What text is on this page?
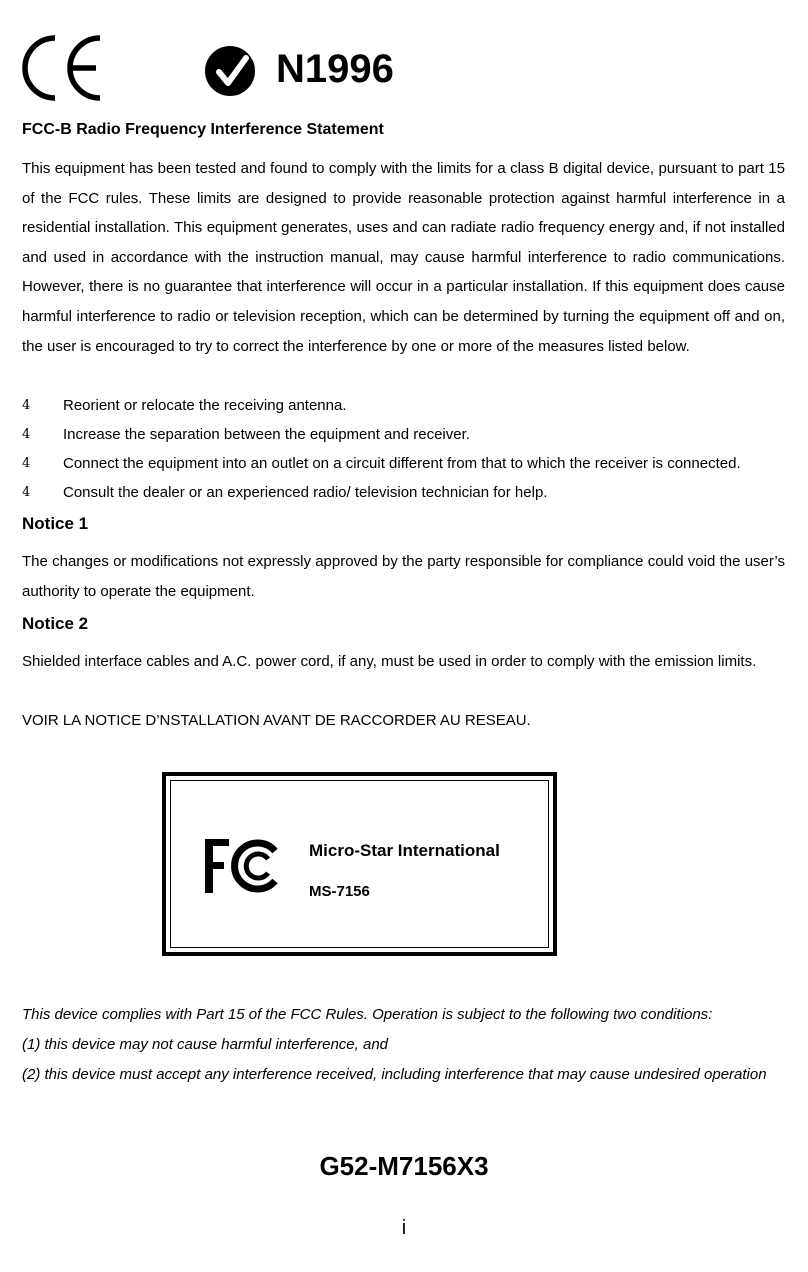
N1996
FCC-B Radio Frequency Interference Statement

This equipment has been tested and found to comply with the limits for a class B digital device, pursuant to part 15 of the FCC rules. These limits are designed to provide reasonable protection against harmful interference in a residential installation. This equipment generates, uses and can radiate radio frequency energy and, if not installed and used in accordance with the instruction manual, may cause harmful interference to radio communications. However, there is no guarantee that interference will occur in a particular installation. If this equipment does cause harmful interference to radio or television reception, which can be determined by turning the equipment off and on, the user is encouraged to try to correct the interference by one or more of the measures listed below.

4 Reorient or relocate the receiving antenna.
4 Increase the separation between the equipment and receiver.
4 Connect the equipment into an outlet on a circuit different from that to which the receiver is connected.
4 Consult the dealer or an experienced radio/ television technician for help.
Notice 1

The changes or modifications not expressly approved by the party responsible for compliance could void the user’s authority to operate the equipment.

Notice 2

Shielded interface cables and A.C. power cord, if any, must be used in order to comply with the emission limits.

VOIR LA NOTICE D’NSTALLATION AVANT DE RACCORDER AU RESEAU.

Micro-Star International
MS-7156

This device complies with Part 15 of the FCC Rules. Operation is subject to the following two conditions:

(1) this device may not cause harmful interference, and

(2) this device must accept any interference received, including interference that may cause undesired operation

G52-M7156X3
i
